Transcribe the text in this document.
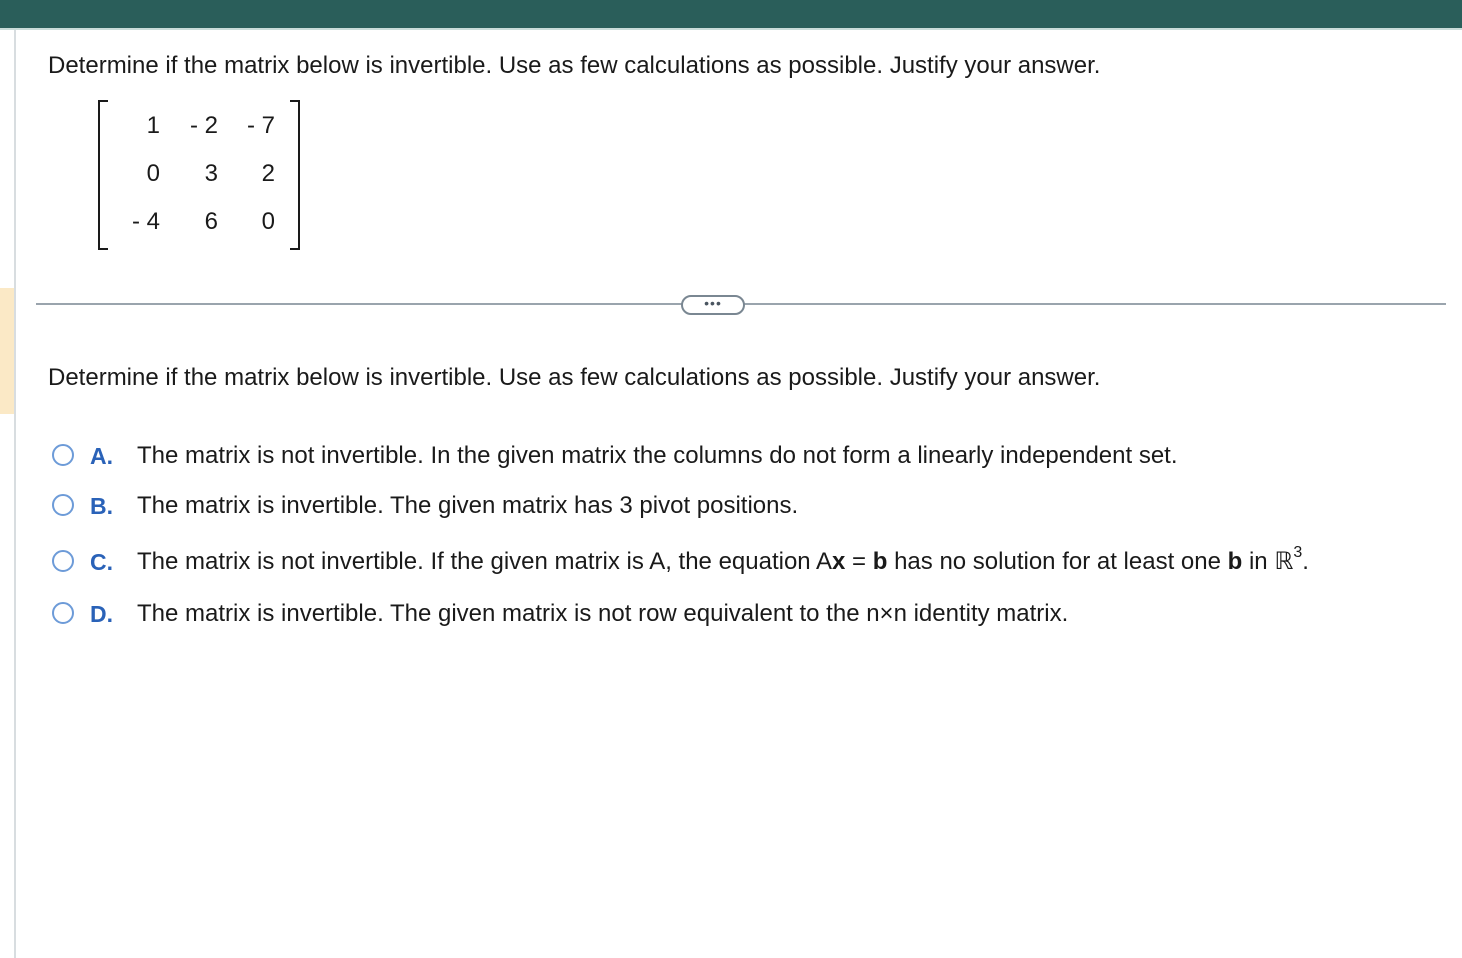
Determine if the matrix below is invertible. Use as few calculations as possible. Justify your answer.
1	- 2	- 7
0	3	2
- 4	6	0
•••
Determine if the matrix below is invertible. Use as few calculations as possible. Justify your answer.
A. The matrix is not invertible. In the given matrix the columns do not form a linearly independent set.
B. The matrix is invertible. The given matrix has 3 pivot positions.
C. The matrix is not invertible. If the given matrix is A, the equation Ax = b has no solution for at least one b in ℝ$^3$.
D. The matrix is invertible. The given matrix is not row equivalent to the n×n identity matrix.
